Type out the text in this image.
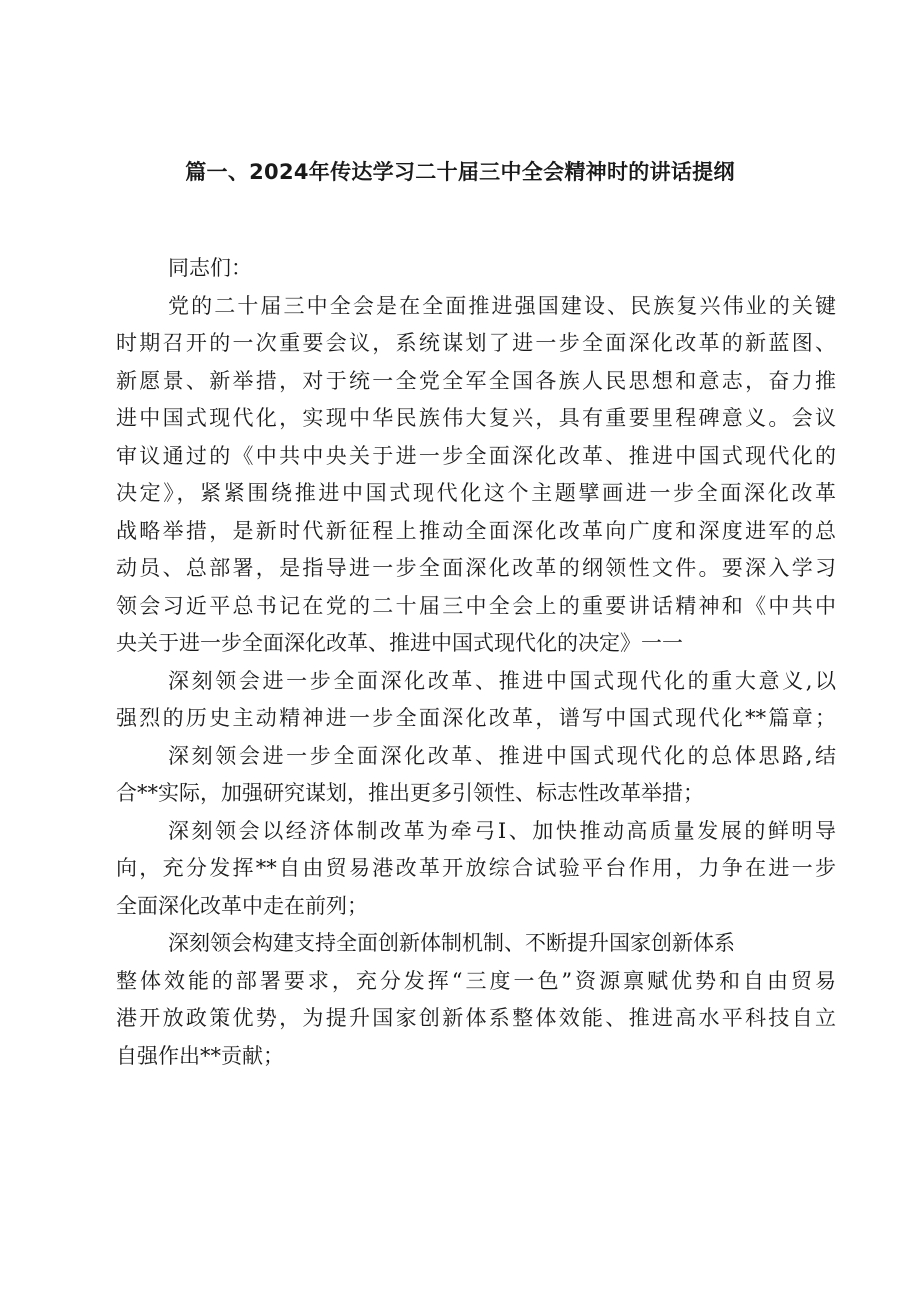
篇一、2024年传达学习二十届三中全会精神时的讲话提纲
同志们：
党的二十届三中全会是在全面推进强国建设、民族复兴伟业的关键
时期召开的一次重要会议，系统谋划了进一步全面深化改革的新蓝图、
新愿景、新举措，对于统一全党全军全国各族人民思想和意志，奋力推
进中国式现代化，实现中华民族伟大复兴，具有重要里程碑意义。会议
审议通过的《中共中央关于进一步全面深化改革、推进中国式现代化的
决定》，紧紧围绕推进中国式现代化这个主题擘画进一步全面深化改革
战略举措，是新时代新征程上推动全面深化改革向广度和深度进军的总
动员、总部署，是指导进一步全面深化改革的纲领性文件。要深入学习
领会习近平总书记在党的二十届三中全会上的重要讲话精神和《中共中
央关于进一步全面深化改革、推进中国式现代化的决定》一一
深刻领会进一步全面深化改革、推进中国式现代化的重大意义,以
强烈的历史主动精神进一步全面深化改革，谱写中国式现代化**篇章；
深刻领会进一步全面深化改革、推进中国式现代化的总体思路,结
合**实际，加强研究谋划，推出更多引领性、标志性改革举措；
深刻领会以经济体制改革为牵弓I、加快推动高质量发展的鲜明导
向，充分发挥**自由贸易港改革开放综合试验平台作用，力争在进一步
全面深化改革中走在前列；
深刻领会构建支持全面创新体制机制、不断提升国家创新体系
整体效能的部署要求，充分发挥“三度一色”资源禀赋优势和自由贸易
港开放政策优势，为提升国家创新体系整体效能、推进高水平科技自立
自强作出**贡献；
